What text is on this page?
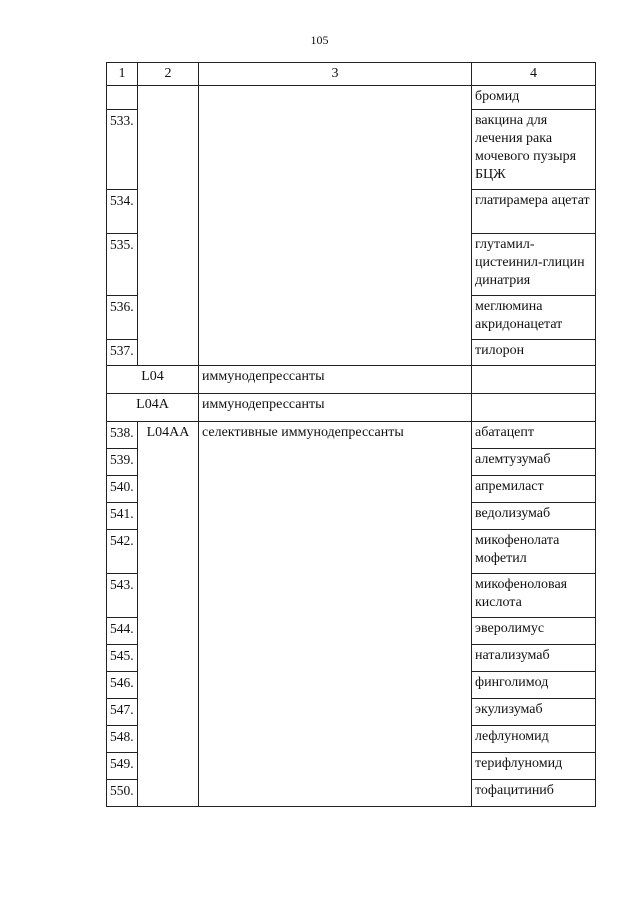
105
1	2	3	4
			бромид
533.			вакцина для лечения рака мочевого пузыря БЦЖ
534.			глатирамера ацетат
535.			глутамил-цистеинил-глицин динатрия
536.			меглюмина акридонацетат
537.			тилорон
L04		иммунодепрессанты	
L04A		иммунодепрессанты	
538.	L04AA	селективные иммунодепрессанты	абатацепт
539.			алемтузумаб
540.			апремиласт
541.			ведолизумаб
542.			микофенолата мофетил
543.			микофеноловая кислота
544.			эверолимус
545.			натализумаб
546.			финголимод
547.			экулизумаб
548.			лефлуномид
549.			терифлуномид
550.			тофацитиниб
